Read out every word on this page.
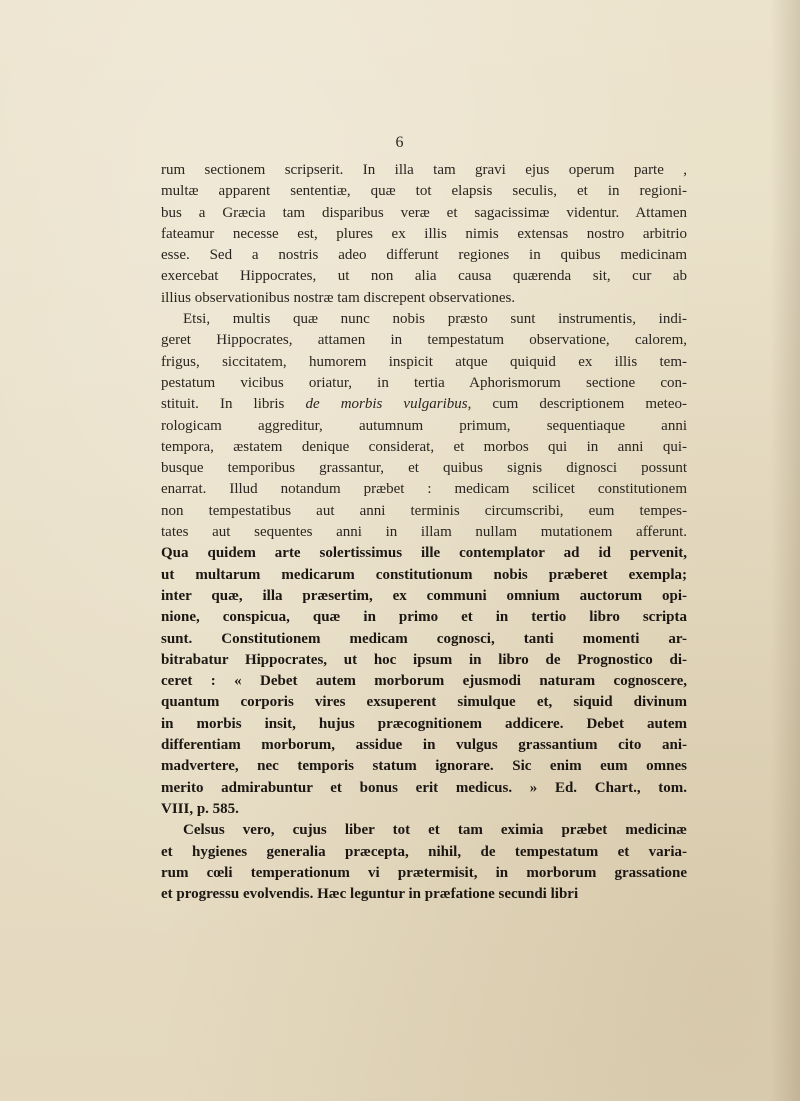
6
rum sectionem scripserit. In illa tam gravi ejus operum parte ,
multæ apparent sententiæ, quæ tot elapsis seculis, et in regioni-
bus a Græcia tam disparibus veræ et sagacissimæ videntur. Attamen
fateamur necesse est, plures ex illis nimis extensas nostro arbitrio
esse. Sed a nostris adeo differunt regiones in quibus medicinam
exercebat Hippocrates, ut non alia causa quærenda sit, cur ab
illius observationibus nostræ tam discrepent observationes.
Etsi, multis quæ nunc nobis præsto sunt instrumentis, indi-
geret Hippocrates, attamen in tempestatum observatione, calorem,
frigus, siccitatem, humorem inspicit atque quiquid ex illis tem-
pestatum vicibus oriatur, in tertia Aphorismorum sectione con-
stituit. In libris de morbis vulgaribus, cum descriptionem meteo-
rologicam aggreditur, autumnum primum, sequentiaque anni
tempora, æstatem denique considerat, et morbos qui in anni qui-
busque temporibus grassantur, et quibus signis dignosci possunt
enarrat. Illud notandum præbet : medicam scilicet constitutionem
non tempestatibus aut anni terminis circumscribi, eum tempes-
tates aut sequentes anni in illam nullam mutationem afferunt.
Qua quidem arte solertissimus ille contemplator ad id pervenit,
ut multarum medicarum constitutionum nobis præberet exempla;
inter quæ, illa præsertim, ex communi omnium auctorum opi-
nione, conspicua, quæ in primo et in tertio libro scripta
sunt. Constitutionem medicam cognosci, tanti momenti ar-
bitrabatur Hippocrates, ut hoc ipsum in libro de Prognostico di-
ceret : « Debet autem morborum ejusmodi naturam cognoscere,
quantum corporis vires exsuperent simulque et, siquid divinum
in morbis insit, hujus præcognitionem addicere. Debet autem
differentiam morborum, assidue in vulgus grassantium cito ani-
madvertere, nec temporis statum ignorare. Sic enim eum omnes
merito admirabuntur et bonus erit medicus. » Ed. Chart., tom.
VIII, p. 585.
Celsus vero, cujus liber tot et tam eximia præbet medicinæ
et hygienes generalia præcepta, nihil, de tempestatum et varia-
rum cœli temperationum vi prætermisit, in morborum grassatione
et progressu evolvendis. Hæc leguntur in præfatione secundi libri
